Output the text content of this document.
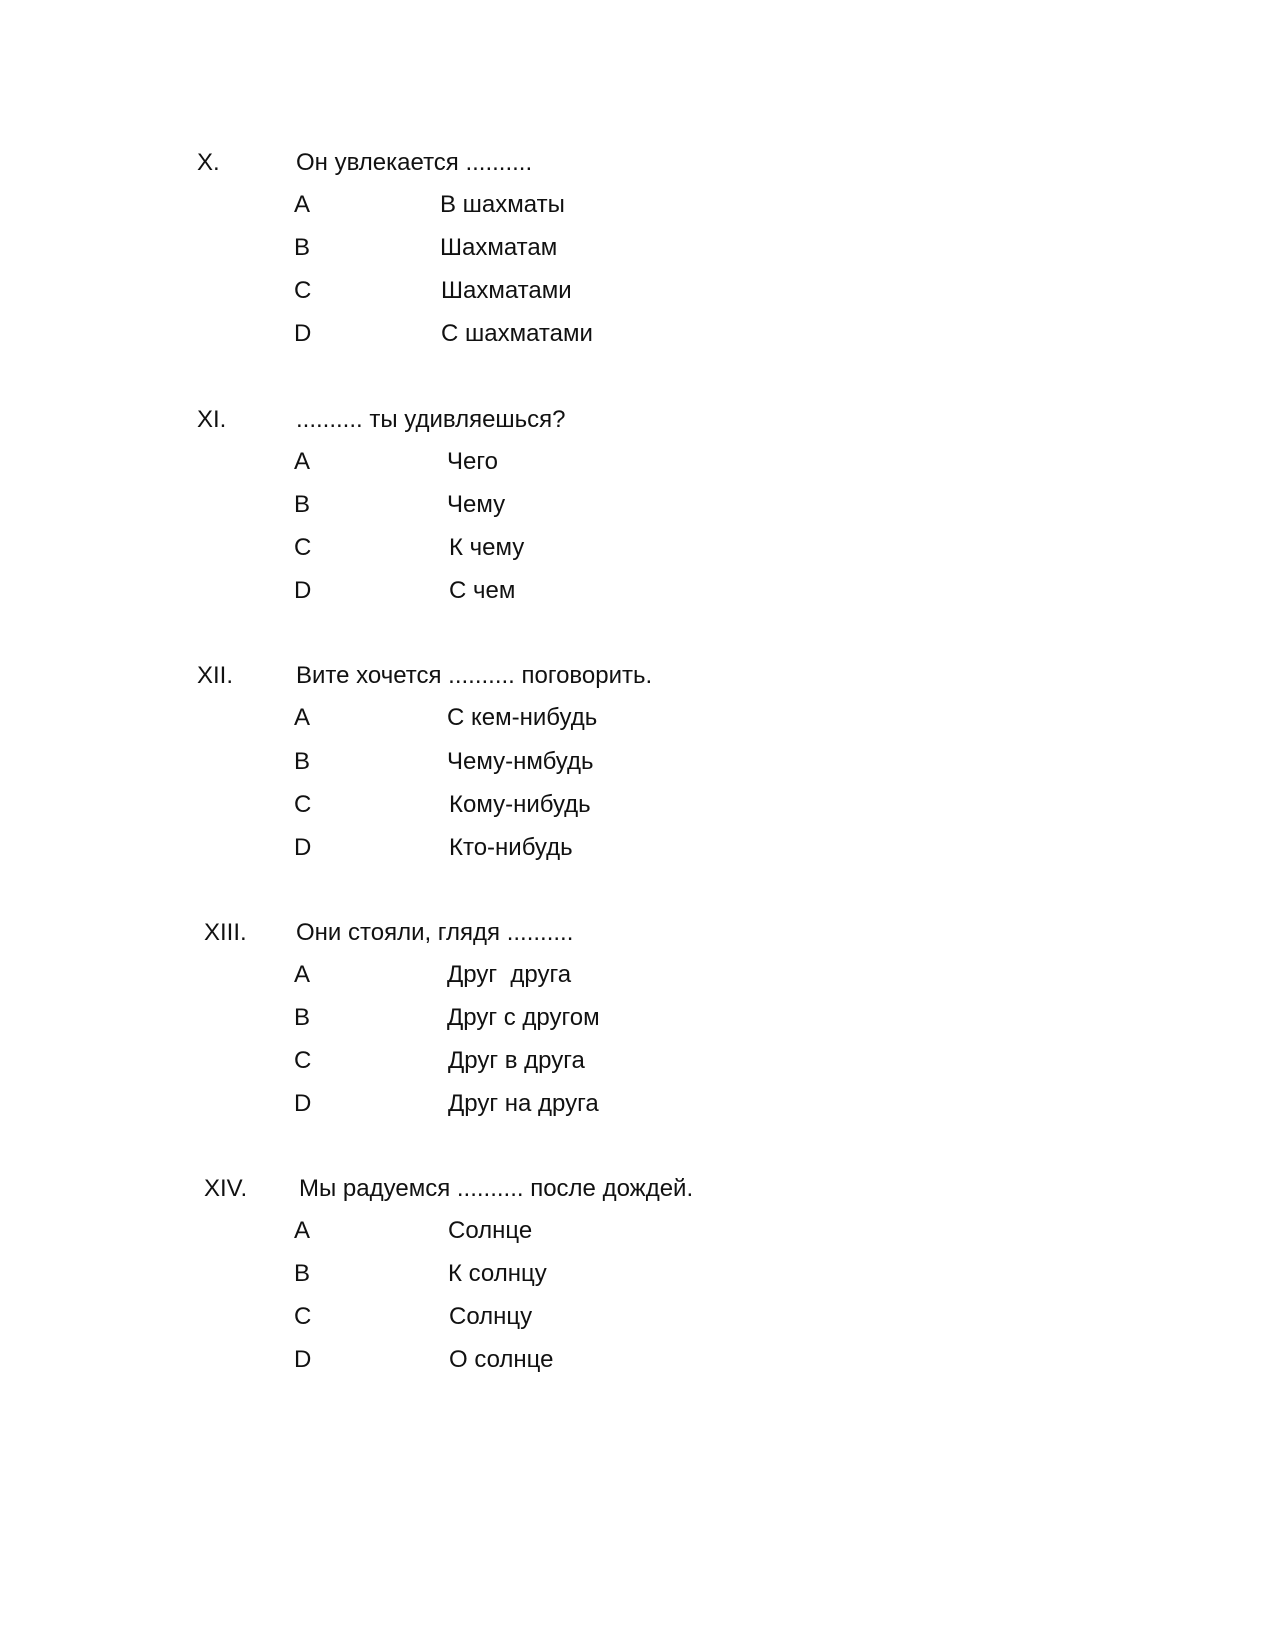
X.	Он увлекается ..........
A	В шахматы
B	Шахматам
C	Шахматами
D	С шахматами
XI.	.......... ты удивляешься?
A	Чего
B	Чему
C	К чему
D	С чем
XII.	Вите хочется .......... поговорить.
A	С кем-нибудь
B	Чему-нмбудь
C	Кому-нибудь
D	Кто-нибудь
XIII. Они стояли, глядя ..........
A	Друг  друга
B	Друг с другом
C	Друг в друга
D	Друг на друга
XIV. Мы радуемся .......... после дождей.
A	Солнце
B	К солнцу
C	Солнцу
D	О солнце
